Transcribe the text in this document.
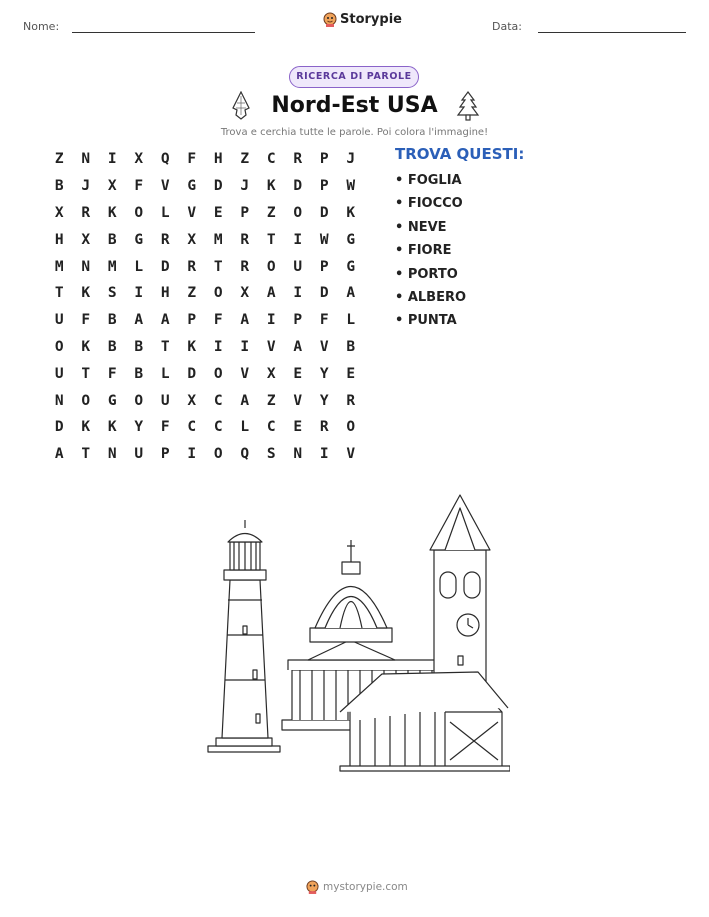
Nome:	Storypie	Data:
RICERCA DI PAROLE
Nord-Est USA
Trova e cerchia tutte le parole. Poi colora l'immagine!
Z	N	I	X	Q	F	H	Z	C	R	P	J
B	J	X	F	V	G	D	J	K	D	P	W
X	R	K	O	L	V	E	P	Z	O	D	K
H	X	B	G	R	X	M	R	T	I	W	G
M	N	M	L	D	R	T	R	O	U	P	G
T	K	S	I	H	Z	O	X	A	I	D	A
U	F	B	A	A	P	F	A	I	P	F	L
O	K	B	B	T	K	I	I	V	A	V	B
U	T	F	B	L	D	O	V	X	E	Y	E
N	O	G	O	U	X	C	A	Z	V	Y	R
D	K	K	Y	F	C	C	L	C	E	R	O
A	T	N	U	P	I	O	Q	S	N	I	V
TROVA QUESTI:
• FOGLIA
• FIOCCO
• NEVE
• FIORE
• PORTO
• ALBERO
• PUNTA
mystorypie.com
